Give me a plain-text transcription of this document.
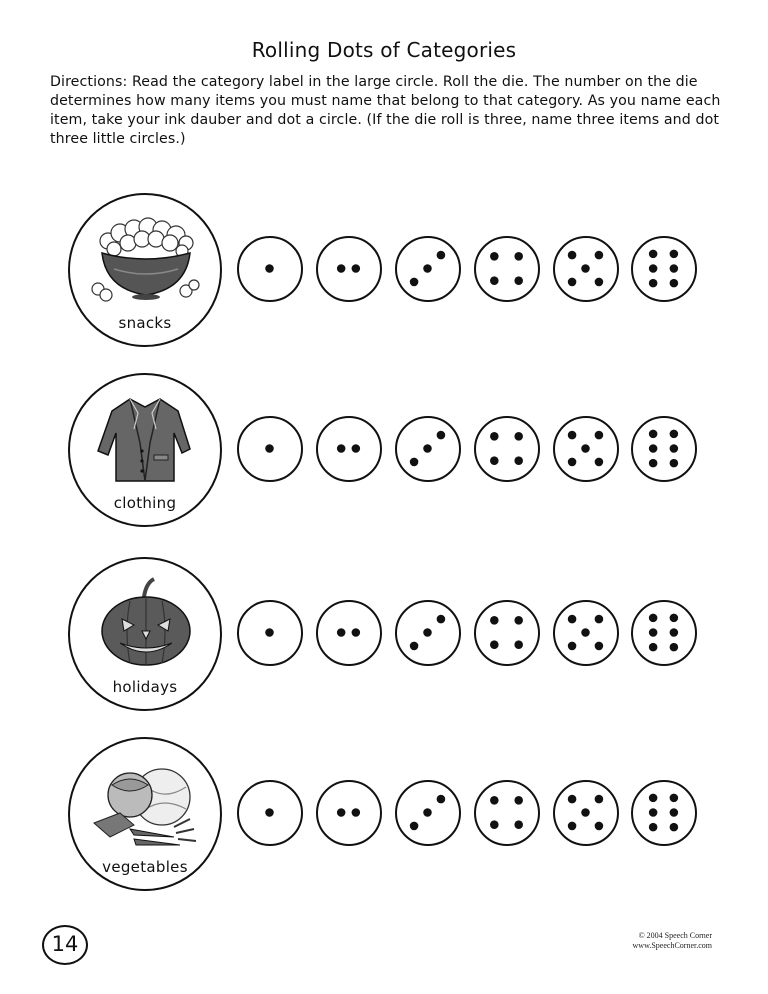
Rolling Dots of Categories
Directions: Read the category label in the large circle. Roll the die. The number on the die determines how many items you must name that belong to that category. As you name each item, take your ink dauber and dot a circle. (If the die roll is three, name three items and dot three little circles.)
snacks
clothing
holidays
vegetables
14	© 2004 Speech Corner
www.SpeechCorner.com
